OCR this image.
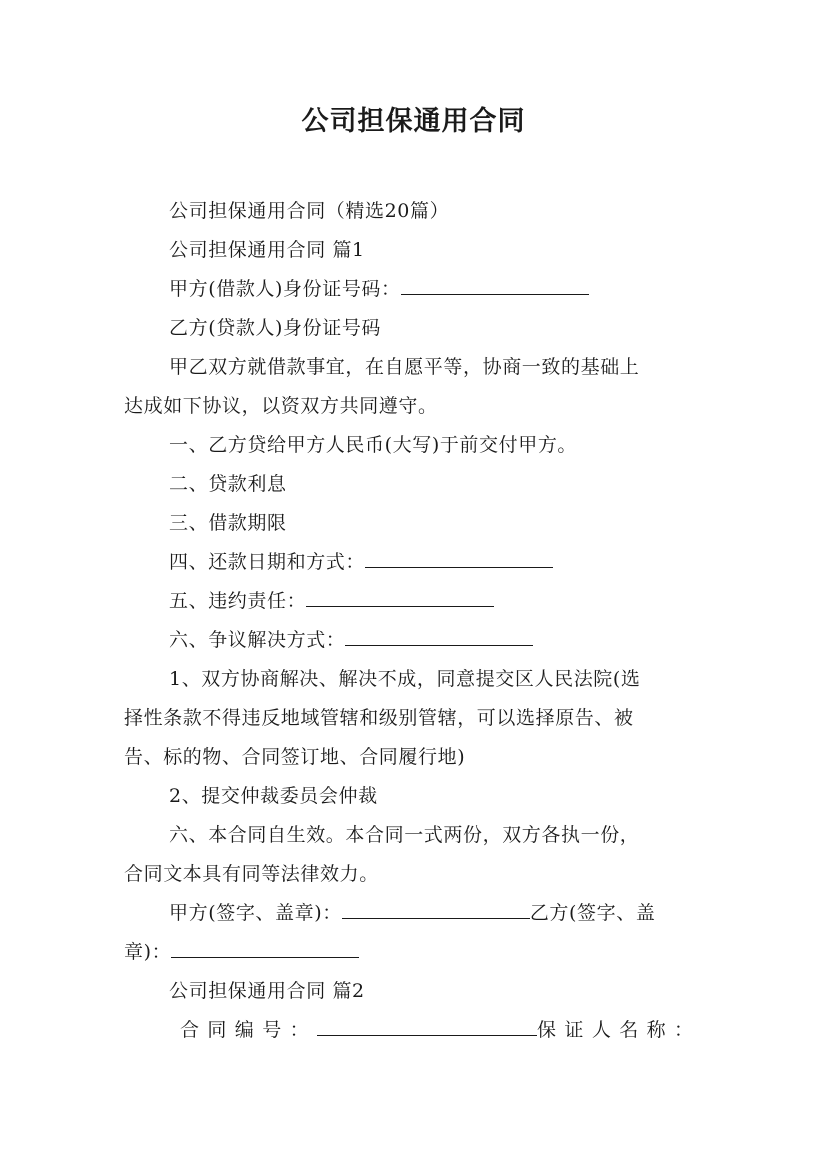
公司担保通用合同
公司担保通用合同（精选20篇）
公司担保通用合同 篇1
甲方(借款人)身份证号码：
乙方(贷款人)身份证号码
甲乙双方就借款事宜，在自愿平等，协商一致的基础上
达成如下协议，以资双方共同遵守。
一、乙方贷给甲方人民币(大写)于前交付甲方。
二、贷款利息
三、借款期限
四、还款日期和方式：
五、违约责任：
六、争议解决方式：
1、双方协商解决、解决不成，同意提交区人民法院(选
择性条款不得违反地域管辖和级别管辖，可以选择原告、被
告、标的物、合同签订地、合同履行地)
2、提交仲裁委员会仲裁
六、本合同自生效。本合同一式两份，双方各执一份，
合同文本具有同等法律效力。
甲方(签字、盖章)：	乙方(签字、盖
章)：
公司担保通用合同 篇2
合同编号：	保证人名称：
